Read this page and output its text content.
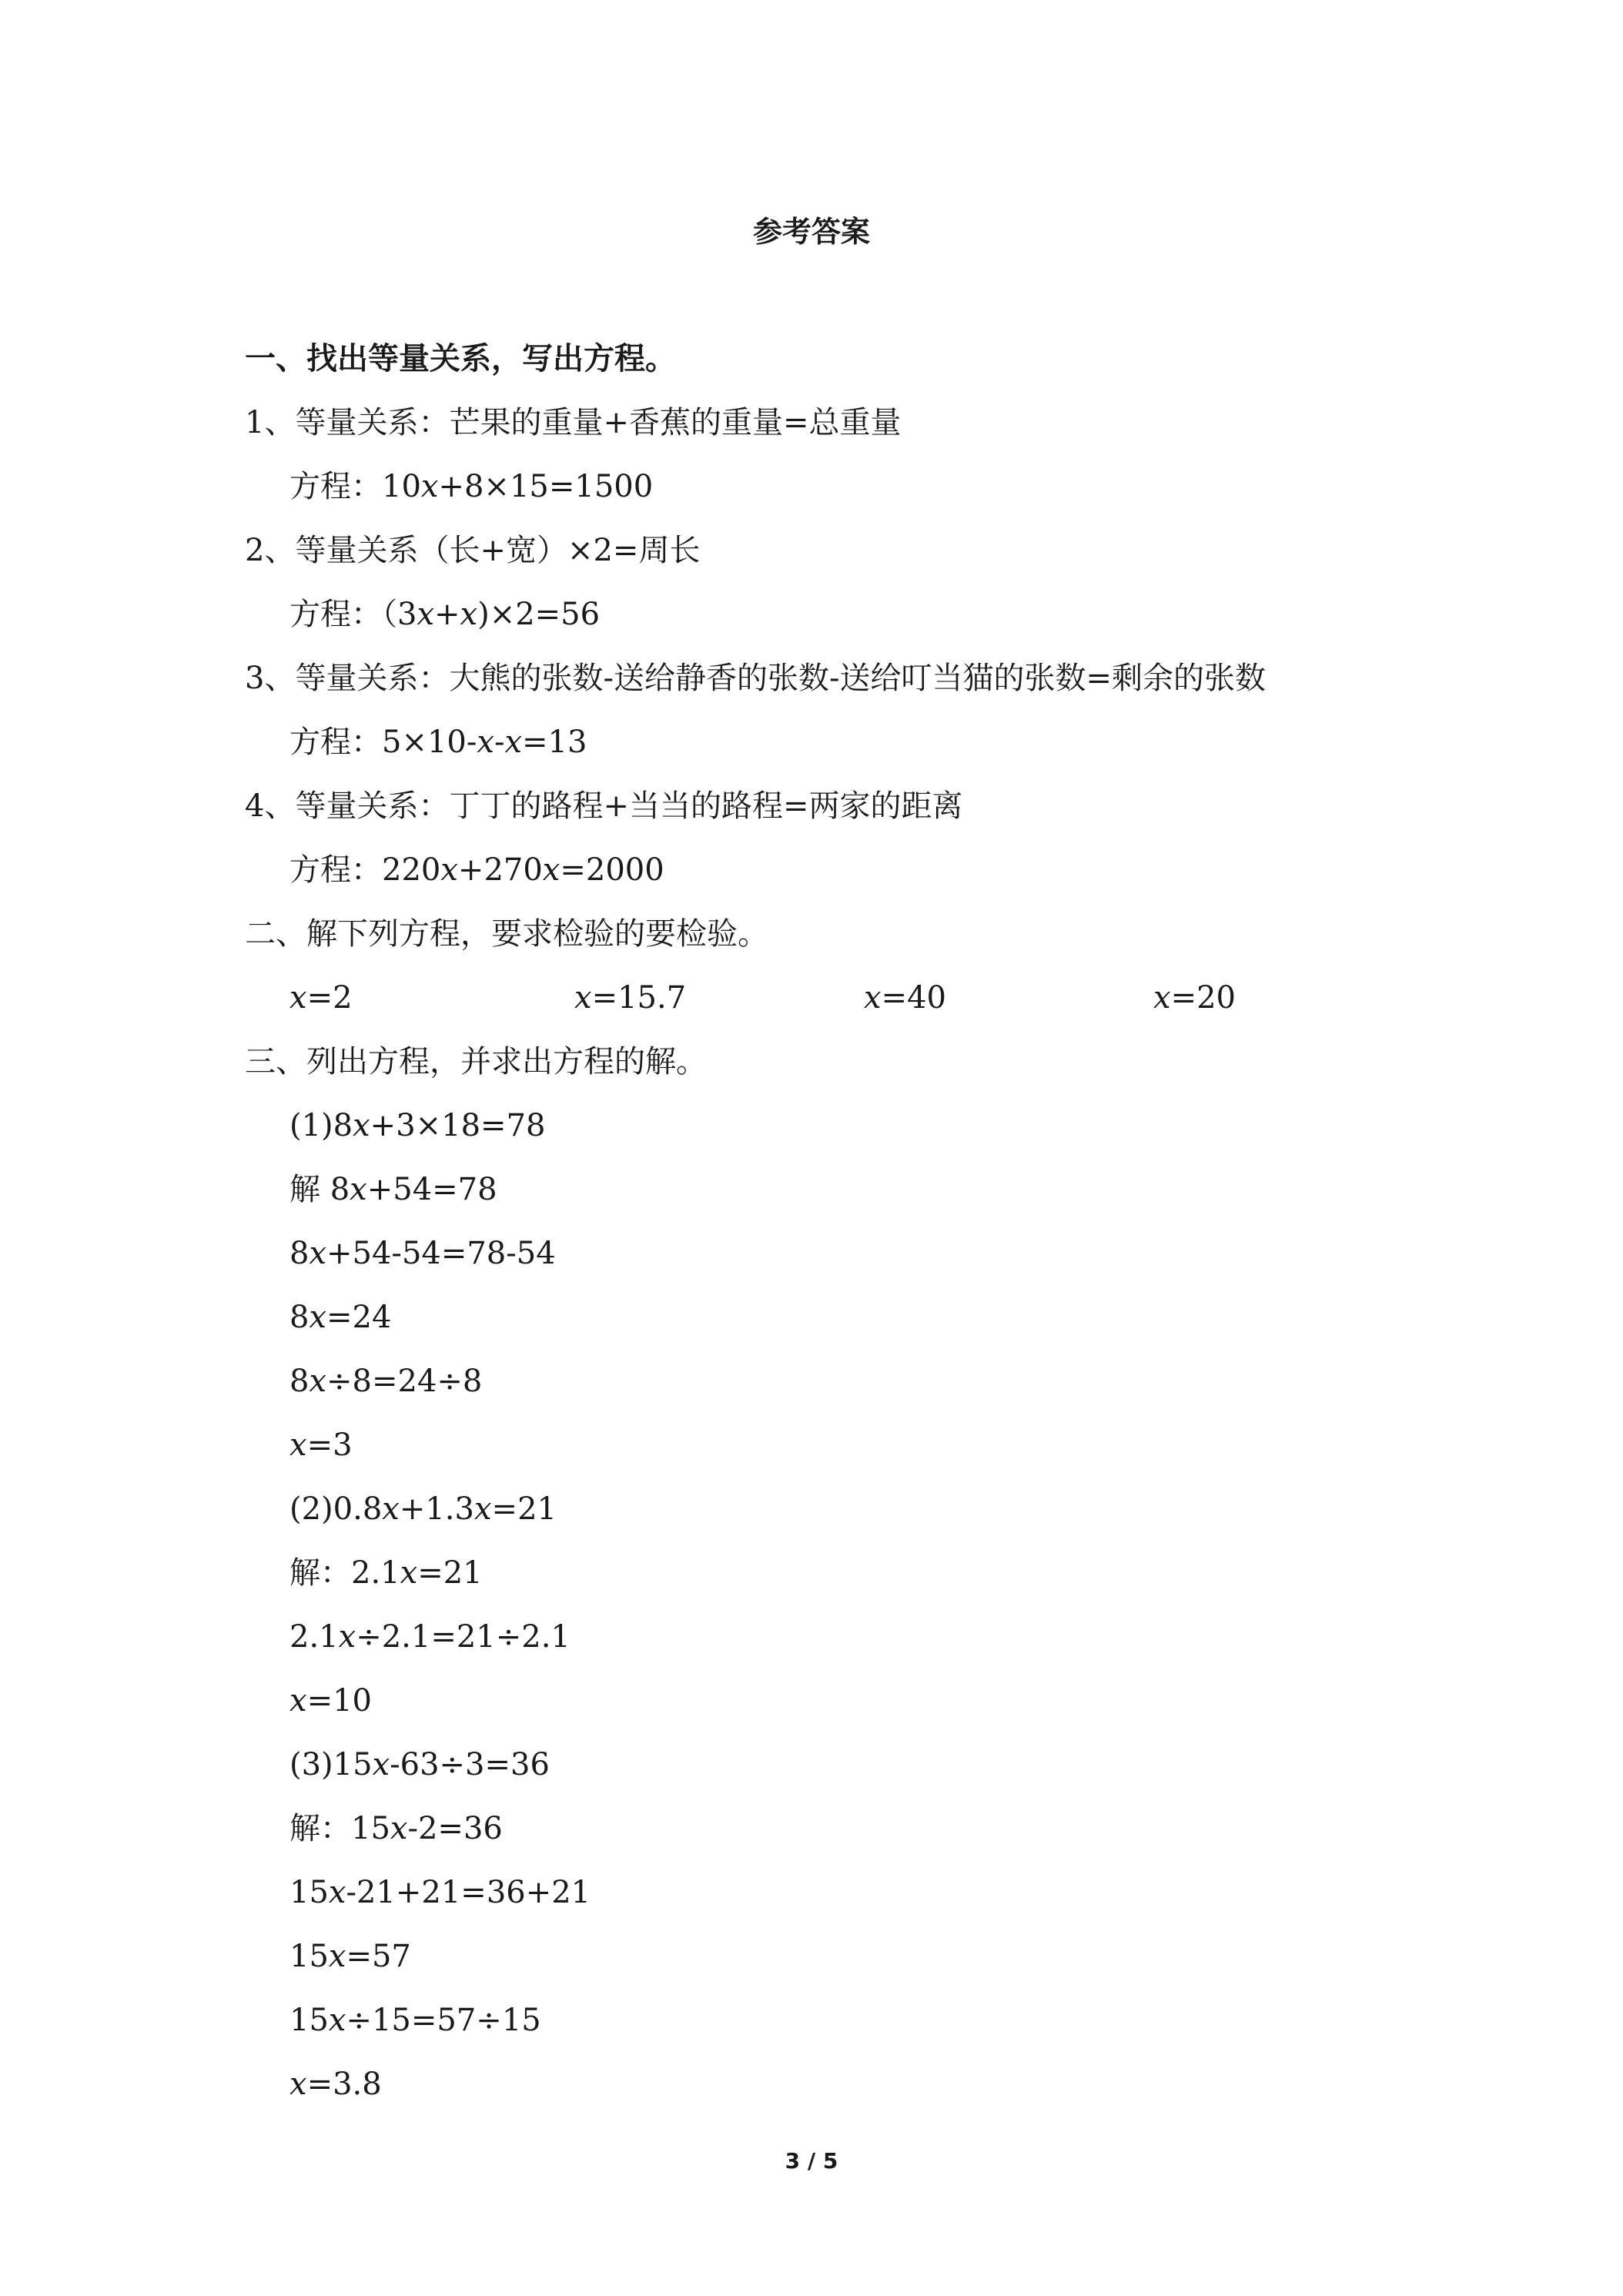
参考答案
一、找出等量关系，写出方程。
1、等量关系：芒果的重量+香蕉的重量=总重量
方程：10x+8×15=1500
2、等量关系（长+宽）×2=周长
方程：（3x+x)×2=56
3、等量关系：大熊的张数-送给静香的张数-送给叮当猫的张数=剩余的张数
方程：5×10-x-x=13
4、等量关系：丁丁的路程+当当的路程=两家的距离
方程：220x+270x=2000
二、解下列方程，要求检验的要检验。
x=2	x=15.7	x=40	x=20
三、列出方程，并求出方程的解。
(1)8x+3×18=78
解 8x+54=78
8x+54-54=78-54
8x=24
8x÷8=24÷8
x=3
(2)0.8x+1.3x=21
解：2.1x=21
2.1x÷2.1=21÷2.1
x=10
(3)15x-63÷3=36
解：15x-2=36
15x-21+21=36+21
15x=57
15x÷15=57÷15
x=3.8
3 / 5
